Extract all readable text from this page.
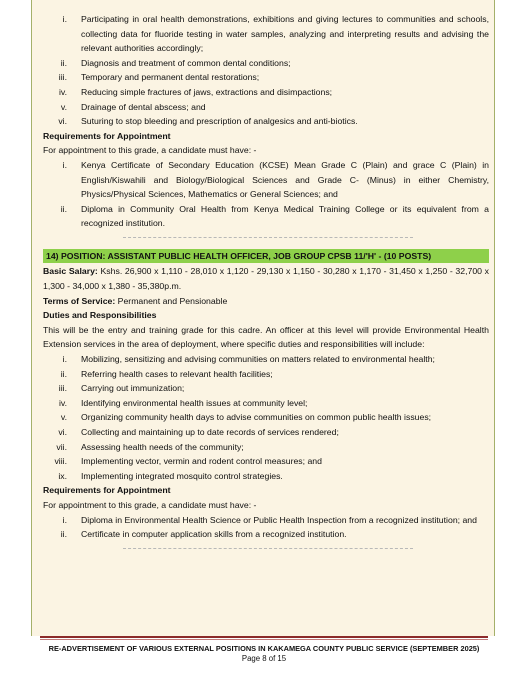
i.	Participating in oral health demonstrations, exhibitions and giving lectures to communities and schools, collecting data for fluoride testing in water samples, analyzing and interpreting results and advising the relevant authorities accordingly;
ii.	Diagnosis and treatment of common dental conditions;
iii.	Temporary and permanent dental restorations;
iv.	Reducing simple fractures of jaws, extractions and disimpactions;
v.	Drainage of dental abscess; and
vi.	Suturing to stop bleeding and prescription of analgesics and anti-biotics.
Requirements for Appointment
For appointment to this grade, a candidate must have: -
i.	Kenya Certificate of Secondary Education (KCSE) Mean Grade C (Plain) and grace C (Plain) in English/Kiswahili and Biology/Biological Sciences and Grade C- (Minus) in either Chemistry, Physics/Physical Sciences, Mathematics or General Sciences; and
ii.	Diploma in Community Oral Health from Kenya Medical Training College or its equivalent from a recognized institution.
14) POSITION: ASSISTANT PUBLIC HEALTH OFFICER, JOB GROUP CPSB 11/'H' - (10 POSTS)
Basic Salary: Kshs. 26,900 x 1,110 - 28,010 x 1,120 - 29,130 x 1,150 - 30,280 x 1,170 - 31,450 x 1,250 - 32,700 x 1,300 - 34,000 x 1,380 - 35,380p.m.
Terms of Service: Permanent and Pensionable
Duties and Responsibilities
This will be the entry and training grade for this cadre. An officer at this level will provide Environmental Health Extension services in the area of deployment, where specific duties and responsibilities will include:
i.	Mobilizing, sensitizing and advising communities on matters related to environmental health;
ii.	Referring health cases to relevant health facilities;
iii.	Carrying out immunization;
iv.	Identifying environmental health issues at community level;
v.	Organizing community health days to advise communities on common public health issues;
vi.	Collecting and maintaining up to date records of services rendered;
vii.	Assessing health needs of the community;
viii.	Implementing vector, vermin and rodent control measures; and
ix.	Implementing integrated mosquito control strategies.
Requirements for Appointment
For appointment to this grade, a candidate must have: -
i.	Diploma in Environmental Health Science or Public Health Inspection from a recognized institution; and
ii.	Certificate in computer application skills from a recognized institution.
RE-ADVERTISEMENT OF VARIOUS EXTERNAL POSITIONS IN KAKAMEGA COUNTY PUBLIC SERVICE (SEPTEMBER 2025)
Page 8 of 15
